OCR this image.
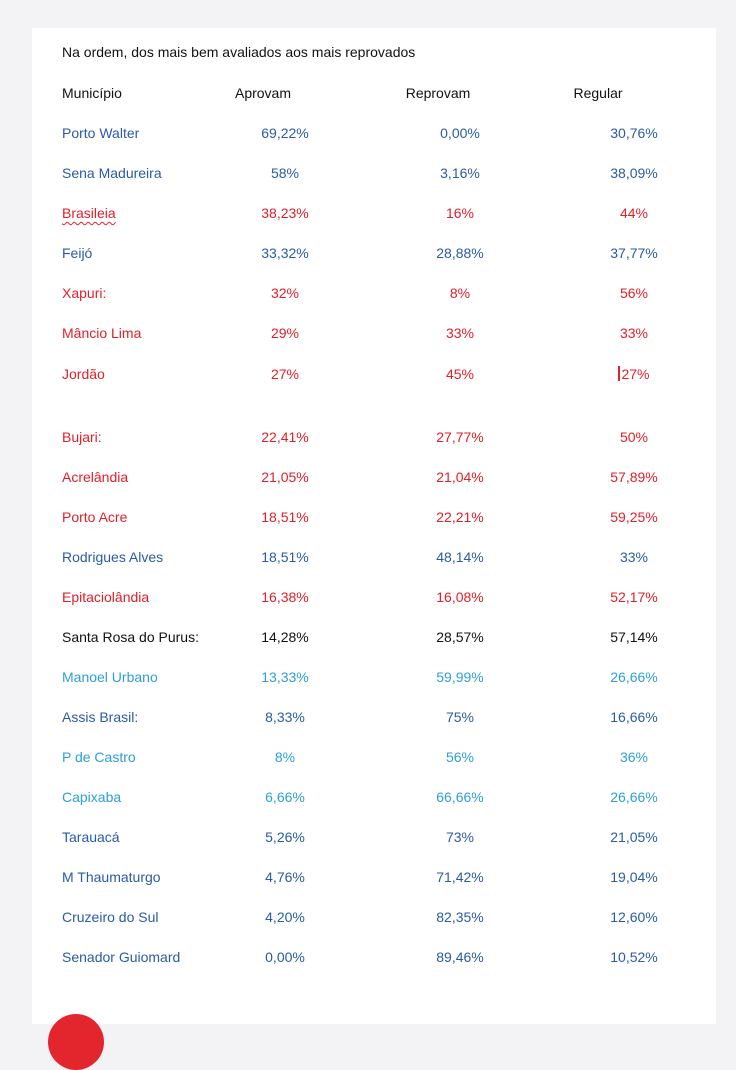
Na ordem, dos mais bem avaliados aos mais reprovados
Município	Aprovam	Reprovam	Regular
Porto Walter	69,22%	0,00%	30,76%
Sena Madureira	58%	3,16%	38,09%
Brasileia	38,23%	16%	44%
Feijó	33,32%	28,88%	37,77%
Xapuri:	32%	8%	56%
Mâncio Lima	29%	33%	33%
Jordão	27%	45%	27%
Bujari:	22,41%	27,77%	50%
Acrelândia	21,05%	21,04%	57,89%
Porto Acre	18,51%	22,21%	59,25%
Rodrigues Alves	18,51%	48,14%	33%
Epitaciolândia	16,38%	16,08%	52,17%
Santa Rosa do Purus:	14,28%	28,57%	57,14%
Manoel Urbano	13,33%	59,99%	26,66%
Assis Brasil:	8,33%	75%	16,66%
P de Castro	8%	56%	36%
Capixaba	6,66%	66,66%	26,66%
Tarauacá	5,26%	73%	21,05%
M Thaumaturgo	4,76%	71,42%	19,04%
Cruzeiro do Sul	4,20%	82,35%	12,60%
Senador Guiomard	0,00%	89,46%	10,52%
